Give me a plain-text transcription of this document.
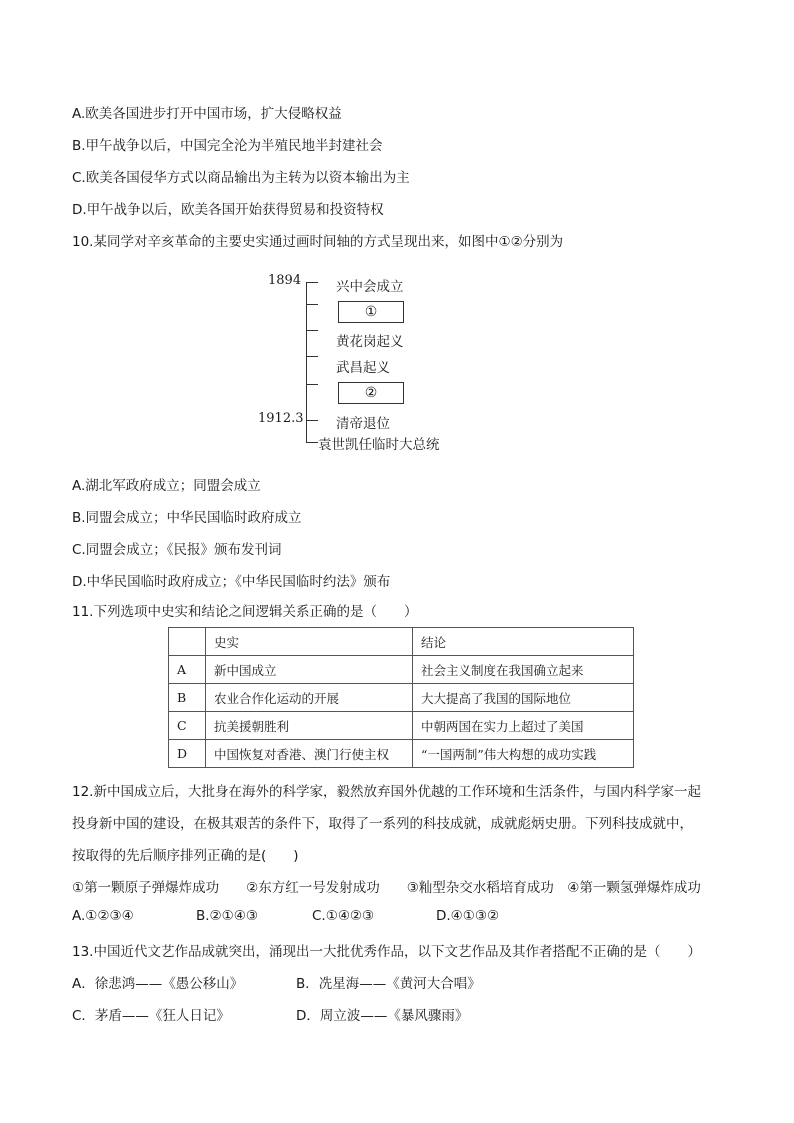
A.欧美各国进步打开中国市场，扩大侵略权益
B.甲午战争以后，中国完全沦为半殖民地半封建社会
C.欧美各国侵华方式以商品输出为主转为以资本输出为主
D.甲午战争以后，欧美各国开始获得贸易和投资特权
10.某同学对辛亥革命的主要史实通过画时间轴的方式呈现出来，如图中①②分别为
1894	兴中会成立
①
黄花岗起义
武昌起义
②
1912.3 清帝退位
袁世凯任临时大总统
A.湖北军政府成立；同盟会成立
B.同盟会成立；中华民国临时政府成立
C.同盟会成立；《民报》颁布发刊词
D.中华民国临时政府成立；《中华民国临时约法》颁布
11.下列选项中史实和结论之间逻辑关系正确的是（　　）
	史实	结论
A	新中国成立	社会主义制度在我国确立起来
B	农业合作化运动的开展	大大提高了我国的国际地位
C	抗美援朝胜利	中朝两国在实力上超过了美国
D	中国恢复对香港、澳门行使主权	“一国两制”伟大构想的成功实践
12.新中国成立后，大批身在海外的科学家，毅然放弃国外优越的工作环境和生活条件，与国内科学家一起
投身新中国的建设，在极其艰苦的条件下，取得了一系列的科技成就，成就彪炳史册。下列科技成就中，
按取得的先后顺序排列正确的是(　　)
①第一颗原子弹爆炸成功　　②东方红一号发射成功　　③籼型杂交水稻培育成功　④第一颗氢弹爆炸成功
A.①②③④	B.②①④③	C.①④②③	D.④①③②
13.中国近代文艺作品成就突出，涌现出一大批优秀作品，以下文艺作品及其作者搭配不正确的是（　　）
A．徐悲鸿——《愚公移山》	B．冼星海——《黄河大合唱》
C．茅盾——《狂人日记》	D．周立波——《暴风骤雨》
